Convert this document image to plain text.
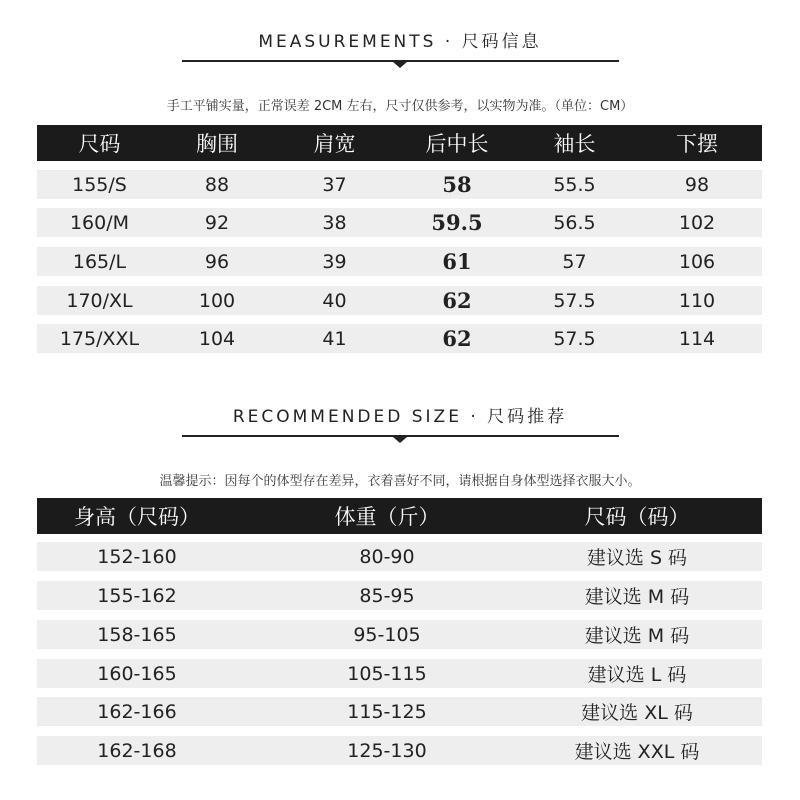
MEASUREMENTS · 尺码信息
手工平铺实量，正常误差 2CM 左右，尺寸仅供参考，以实物为准。（单位：CM）
尺码	胸围	肩宽	后中长	袖长	下摆
155/S	88	37	58	55.5	98
160/M	92	38	59.5	56.5	102
165/L	96	39	61	57	106
170/XL	100	40	62	57.5	110
175/XXL	104	41	62	57.5	114
RECOMMENDED SIZE · 尺码推荐
温馨提示：因每个的体型存在差异，衣着喜好不同，请根据自身体型选择衣服大小。
身高（尺码）	体重（斤）	尺码（码）
152-160	80-90	建议选 S 码
155-162	85-95	建议选 M 码
158-165	95-105	建议选 M 码
160-165	105-115	建议选 L 码
162-166	115-125	建议选 XL 码
162-168	125-130	建议选 XXL 码
